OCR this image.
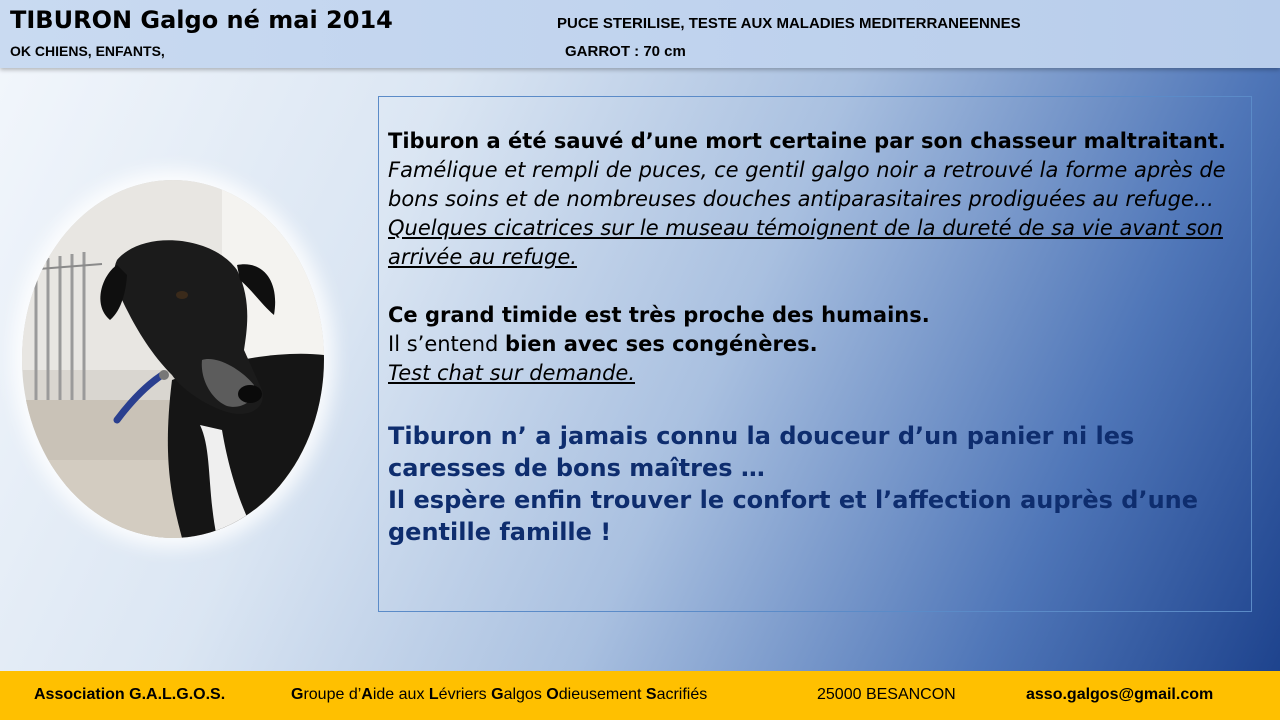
TIBURON Galgo né mai 2014
OK CHIENS, ENFANTS,
PUCE STERILISE, TESTE AUX MALADIES MEDITERRANEENNES
GARROT : 70 cm

Tiburon a été sauvé d’une mort certaine par son chasseur maltraitant.

Famélique et rempli de puces, ce gentil galgo noir a retrouvé la forme après de bons soins et de nombreuses douches antiparasitaires prodiguées au refuge...

Quelques cicatrices sur le museau témoignent de la dureté de sa vie avant son arrivée au refuge.

Ce grand timide est très proche des humains.

Il s’entend bien avec ses congénères.

Test chat sur demande.

Tiburon n’ a jamais connu la douceur d’un panier ni les caresses de bons maîtres …

Il espère enfin trouver le confort et l’affection auprès d’une gentille famille !

Association G.A.L.G.O.S.	Groupe d’Aide aux Lévriers Galgos Odieusement Sacrifiés	25000 BESANCON	asso.galgos@gmail.com
